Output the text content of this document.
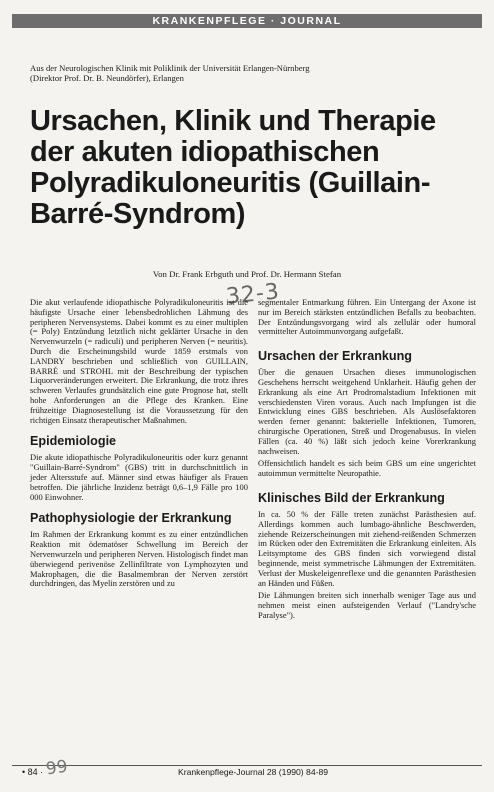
KRANKENPFLEGE · JOURNAL
Aus der Neurologischen Klinik mit Poliklinik der Universität Erlangen-Nürnberg
(Direktor Prof. Dr. B. Neundörfer), Erlangen
Ursachen, Klinik und Therapie der akuten idiopathischen Polyradikuloneuritis (Guillain-Barré-Syndrom)
Von Dr. Frank Erbguth und Prof. Dr. Hermann Stefan
32-3

Die akut verlaufende idiopathische Polyradikuloneuritis ist die häufigste Ursache einer lebensbedrohlichen Lähmung des peripheren Nervensystems. Dabei kommt es zu einer multiplen (= Poly) Entzündung letztlich nicht geklärter Ursache in den Nervenwurzeln (= radiculi) und peripheren Nerven (= neuritis). Durch die Erscheinungsbild wurde 1859 erstmals von LANDRY beschrieben und schließlich von GUILLAIN, BARRÉ und STROHL mit der Beschreibung der typischen Liquorveränderungen erweitert. Die Erkrankung, die trotz ihres schweren Verlaufes grundsätzlich eine gute Prognose hat, stellt hohe Anforderungen an die Pflege des Kranken. Eine frühzeitige Diagnosestellung ist die Voraussetzung für den richtigen Einsatz therapeutischer Maßnahmen.

Epidemiologie

Die akute idiopathische Polyradikuloneuritis oder kurz genannt "Guillain-Barré-Syndrom" (GBS) tritt in durchschnittlich in jeder Altersstufe auf. Männer sind etwas häufiger als Frauen betroffen. Die jährliche Inzidenz beträgt 0,6–1,9 Fälle pro 100 000 Einwohner.

Pathophysiologie der Erkrankung

Im Rahmen der Erkrankung kommt es zu einer entzündlichen Reaktion mit ödematöser Schwellung im Bereich der Nervenwurzeln und peripheren Nerven. Histologisch findet man überwiegend perivenöse Zellinfiltrate von Lymphozyten und Makrophagen, die die Basalmembran der Nerven zerstört durchdringen, das Myelin zerstören und zu

segmentaler Entmarkung führen. Ein Untergang der Axone ist nur im Bereich stärksten entzündlichen Befalls zu beobachten. Der Entzündungsvorgang wird als zellulär oder humoral vermittelter Autoimmunvorgang aufgefaßt.

Ursachen der Erkrankung

Über die genauen Ursachen dieses immunologischen Geschehens herrscht weitgehend Unklarheit. Häufig gehen der Erkrankung als eine Art Prodromalstadium Infektionen mit verschiedensten Viren voraus. Auch nach Impfungen ist die Entwicklung eines GBS beschrieben. Als Auslösefaktoren werden ferner genannt: bakterielle Infektionen, Tumoren, chirurgische Operationen, Streß und Drogenabusus. In vielen Fällen (ca. 40 %) läßt sich jedoch keine Vorerkrankung nachweisen.

Offensichtlich handelt es sich beim GBS um eine ungerichtet autoimmun vermittelte Neuropathie.

Klinisches Bild der Erkrankung

In ca. 50 % der Fälle treten zunächst Parästhesien auf. Allerdings kommen auch lumbago-ähnliche Beschwerden, ziehende Reizerscheinungen mit ziehend-reißenden Schmerzen im Rücken oder den Extremitäten die Erkrankung einleiten. Als Leitsymptome des GBS finden sich vorwiegend distal beginnende, meist symmetrische Lähmungen der Extremitäten. Verlust der Muskeleigenreflexe und die genannten Parästhesien an Händen und Füßen.

Die Lähmungen breiten sich innerhalb weniger Tage aus und nehmen meist einen aufsteigenden Verlauf ("Landry'sche Paralyse").

• 84 · 99	Krankenpflege-Journal 28 (1990) 84-89
